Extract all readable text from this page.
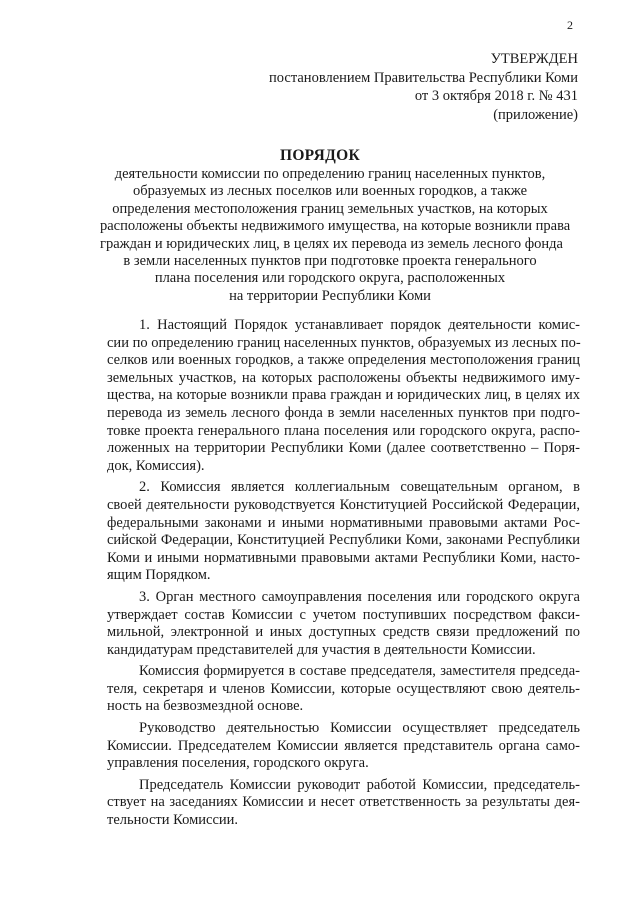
2
УТВЕРЖДЕН
постановлением Правительства Республики Коми
от 3 октября 2018 г. № 431
(приложение)
ПОРЯДОК
деятельности комиссии по определению границ населенных пунктов,
образуемых из лесных поселков или военных городков, а также
определения местоположения границ земельных участков, на которых
расположены объекты недвижимого имущества, на которые возникли права
граждан и юридических лиц, в целях их перевода из земель лесного фонда
в земли населенных пунктов при подготовке проекта генерального
плана поселения или городского округа, расположенных
на территории Республики Коми
1. Настоящий Порядок устанавливает порядок деятельности комис-
сии по определению границ населенных пунктов, образуемых из лесных по-
селков или военных городков, а также определения местоположения границ
земельных участков, на которых расположены объекты недвижимого иму-
щества, на которые возникли права граждан и юридических лиц, в целях их
перевода из земель лесного фонда в земли населенных пунктов при подго-
товке проекта генерального плана поселения или городского округа, распо-
ложенных на территории Республики Коми (далее соответственно – Поря-
док, Комиссия).
2. Комиссия является коллегиальным совещательным органом, в
своей деятельности руководствуется Конституцией Российской Федерации,
федеральными законами и иными нормативными правовыми актами Рос-
сийской Федерации, Конституцией Республики Коми, законами Республики
Коми и иными нормативными правовыми актами Республики Коми, насто-
ящим Порядком.
3. Орган местного самоуправления поселения или городского округа
утверждает состав Комиссии с учетом поступивших посредством факси-
мильной, электронной и иных доступных средств связи предложений по
кандидатурам представителей для участия в деятельности Комиссии.
Комиссия формируется в составе председателя, заместителя председа-
теля, секретаря и членов Комиссии, которые осуществляют свою деятель-
ность на безвозмездной основе.
Руководство деятельностью Комиссии осуществляет председатель
Комиссии. Председателем Комиссии является представитель органа само-
управления поселения, городского округа.
Председатель Комиссии руководит работой Комиссии, председатель-
ствует на заседаниях Комиссии и несет ответственность за результаты дея-
тельности Комиссии.
